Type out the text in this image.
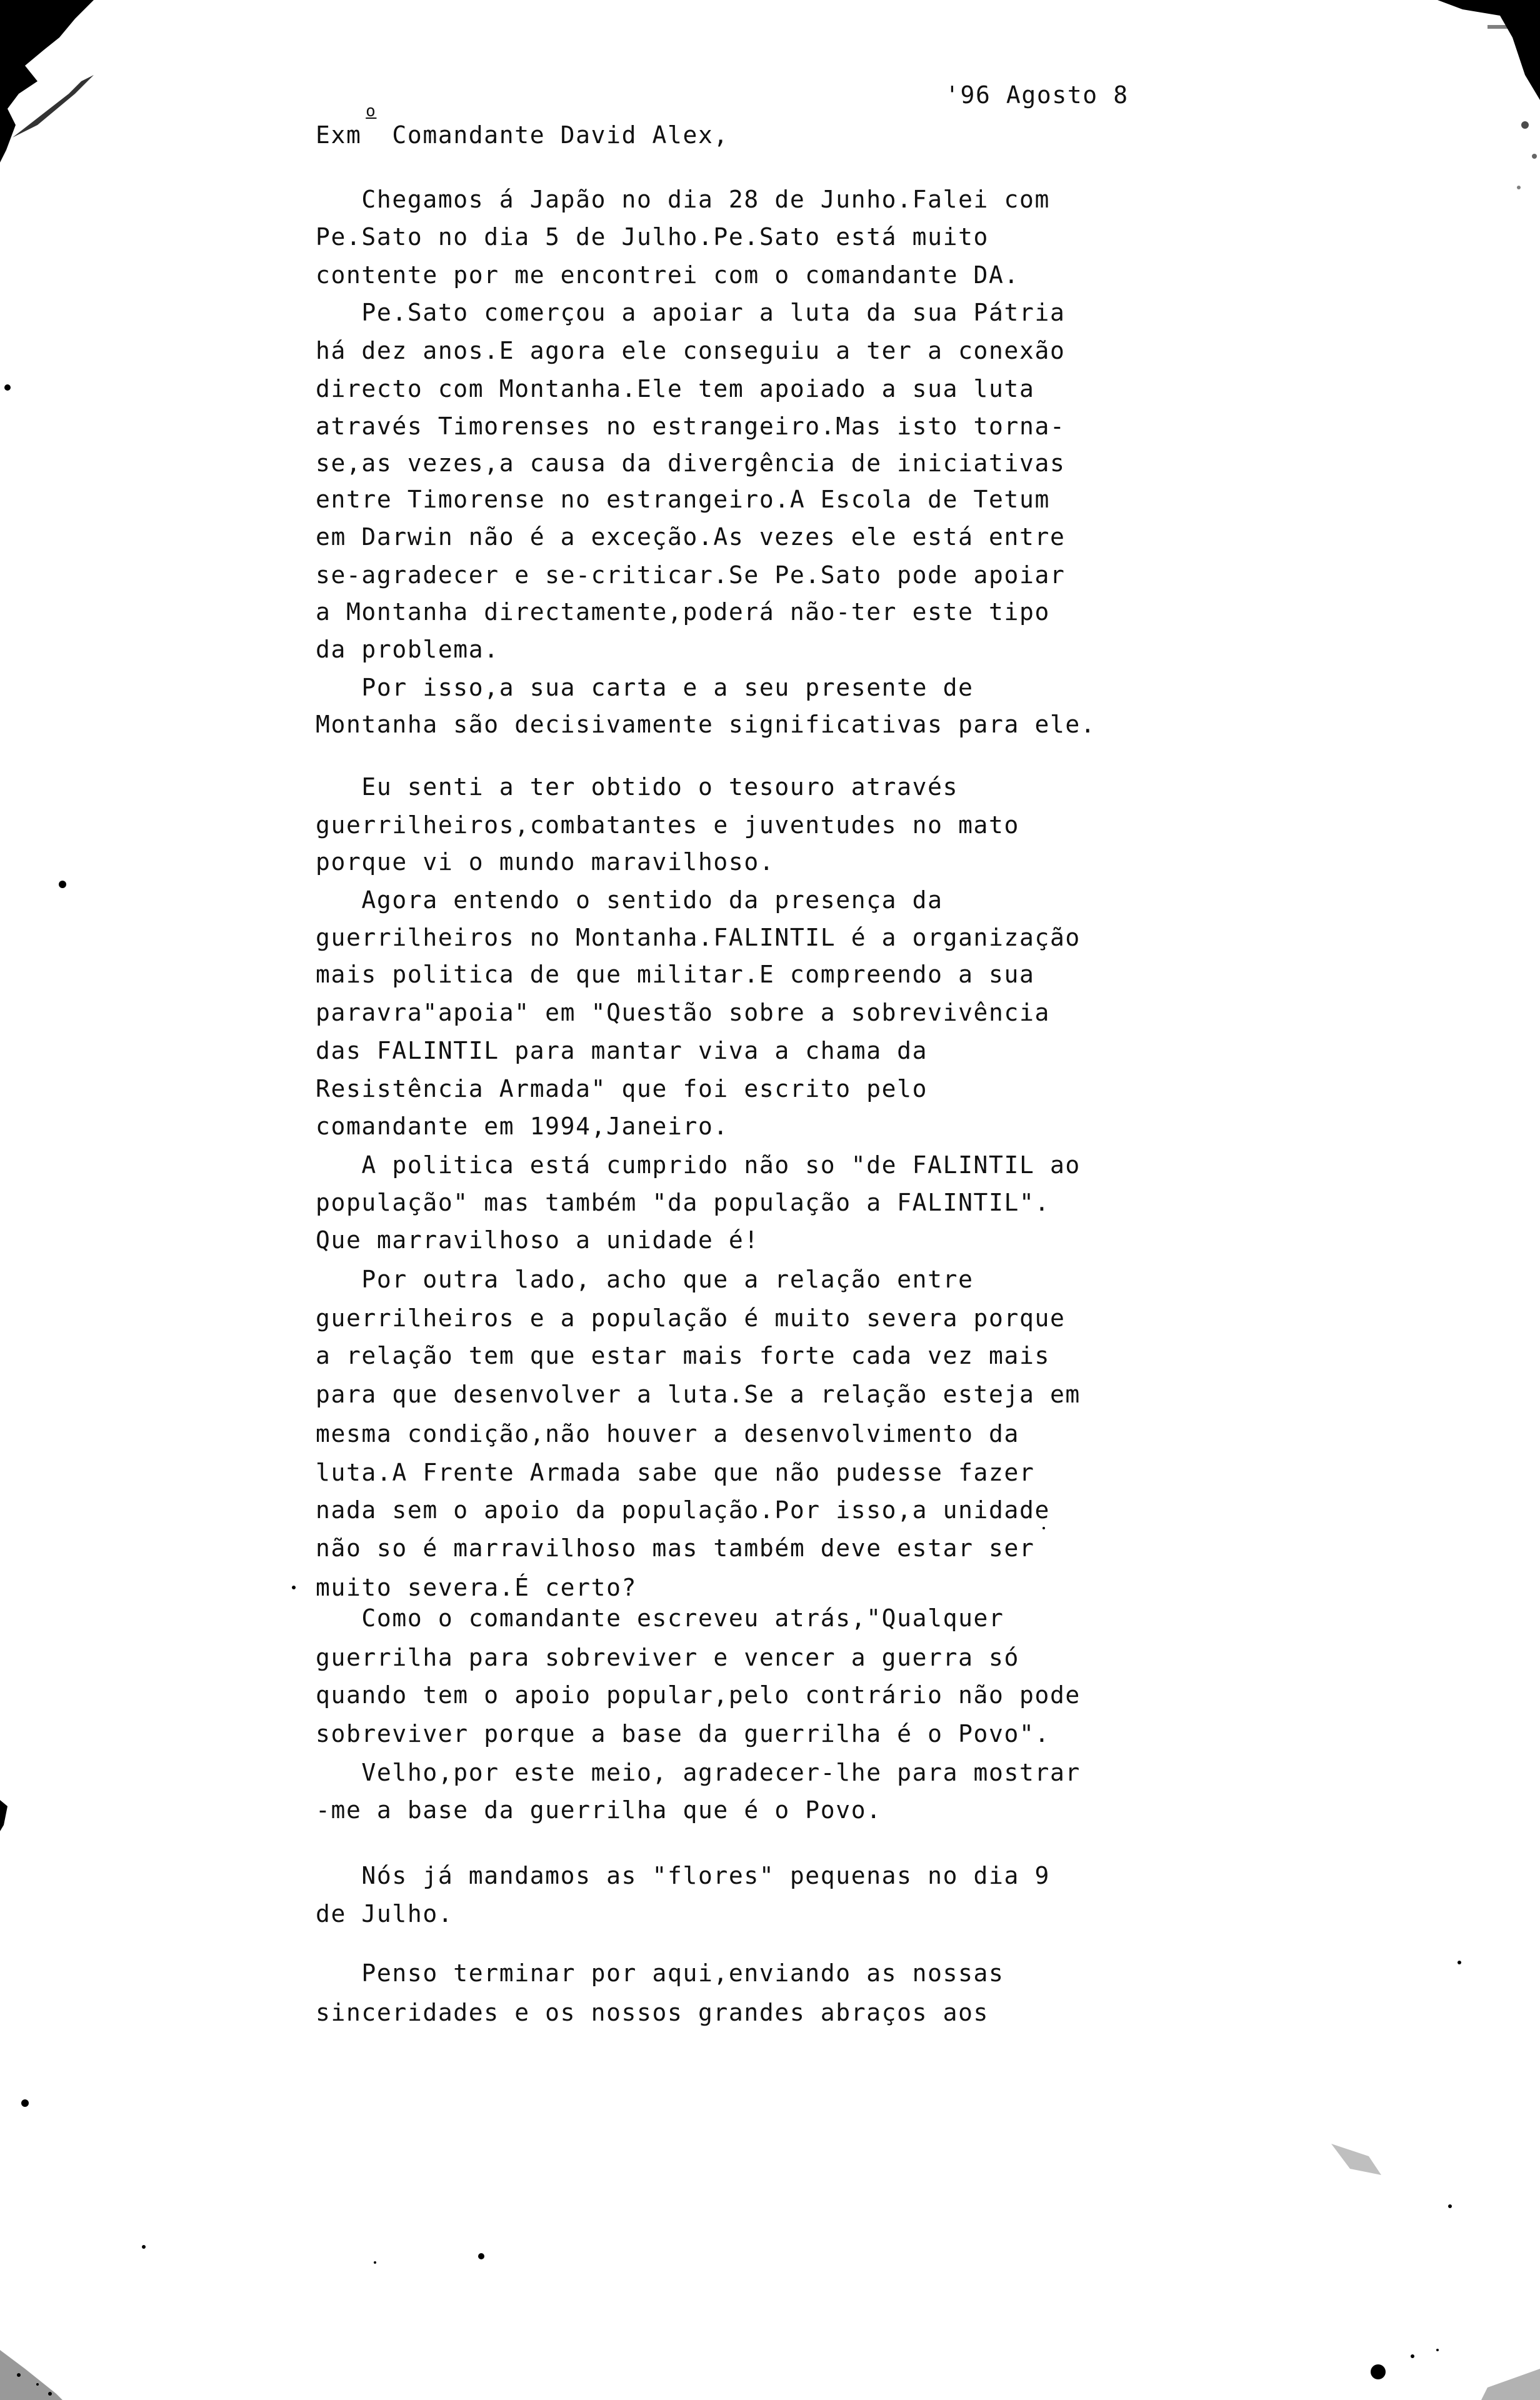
'96 Agosto 8
Exm
o
Comandante David Alex,
Chegamos á Japão no dia 28 de Junho.Falei com
Pe.Sato no dia 5 de Julho.Pe.Sato está muito
contente por me encontrei com o comandante DA.
Pe.Sato comerçou a apoiar a luta da sua Pátria
há dez anos.E agora ele conseguiu a ter a conexão
directo com Montanha.Ele tem apoiado a sua luta
através Timorenses no estrangeiro.Mas isto torna-
se,as vezes,a causa da divergência de iniciativas
entre Timorense no estrangeiro.A Escola de Tetum
em Darwin não é a exceção.As vezes ele está entre
se-agradecer e se-criticar.Se Pe.Sato pode apoiar
a Montanha directamente,poderá não-ter este tipo
da problema.
Por isso,a sua carta e a seu presente de
Montanha são decisivamente significativas para ele.
Eu senti a ter obtido o tesouro através
guerrilheiros,combatantes e juventudes no mato
porque vi o mundo maravilhoso.
Agora entendo o sentido da presença da
guerrilheiros no Montanha.FALINTIL é a organização
mais politica de que militar.E compreendo a sua
paravra"apoia" em "Questão sobre a sobrevivência
das FALINTIL para mantar viva a chama da
Resistência Armada" que foi escrito pelo
comandante em 1994,Janeiro.
A politica está cumprido não so "de FALINTIL ao
população" mas também "da população a FALINTIL".
Que marravilhoso a unidade é!
Por outra lado, acho que a relação entre
guerrilheiros e a população é muito severa porque
a relação tem que estar mais forte cada vez mais
para que desenvolver a luta.Se a relação esteja em
mesma condição,não houver a desenvolvimento da
luta.A Frente Armada sabe que não pudesse fazer
nada sem o apoio da população.Por isso,a unidade
não so é marravilhoso mas também deve estar ser
muito severa.É certo?
Como o comandante escreveu atrás,"Qualquer
guerrilha para sobreviver e vencer a guerra só
quando tem o apoio popular,pelo contrário não pode
sobreviver porque a base da guerrilha é o Povo".
Velho,por este meio, agradecer-lhe para mostrar
-me a base da guerrilha que é o Povo.
Nós já mandamos as "flores" pequenas no dia 9
de Julho.
Penso terminar por aqui,enviando as nossas
sinceridades e os nossos grandes abraços aos
